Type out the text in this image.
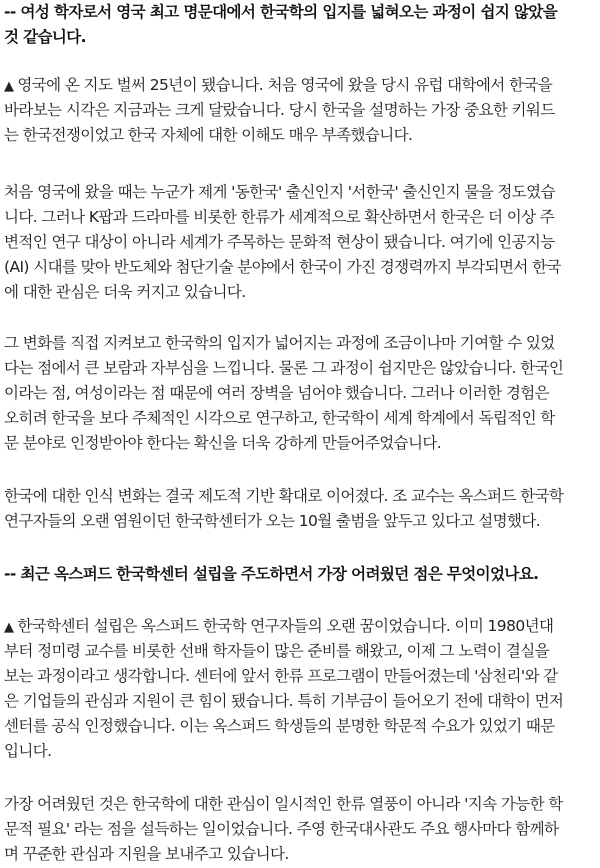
-- 여성 학자로서 영국 최고 명문대에서 한국학의 입지를 넓혀오는 과정이 쉽지 않았을
것 같습니다.
▲ 영국에 온 지도 벌써 25년이 됐습니다. 처음 영국에 왔을 당시 유럽 대학에서 한국을
바라보는 시각은 지금과는 크게 달랐습니다. 당시 한국을 설명하는 가장 중요한 키워드
는 한국전쟁이었고 한국 자체에 대한 이해도 매우 부족했습니다.
처음 영국에 왔을 때는 누군가 제게 '동한국' 출신인지 '서한국' 출신인지 물을 정도였습
니다. 그러나 K팝과 드라마를 비롯한 한류가 세계적으로 확산하면서 한국은 더 이상 주
변적인 연구 대상이 아니라 세계가 주목하는 문화적 현상이 됐습니다. 여기에 인공지능
(AI) 시대를 맞아 반도체와 첨단기술 분야에서 한국이 가진 경쟁력까지 부각되면서 한국
에 대한 관심은 더욱 커지고 있습니다.
그 변화를 직접 지켜보고 한국학의 입지가 넓어지는 과정에 조금이나마 기여할 수 있었
다는 점에서 큰 보람과 자부심을 느낍니다. 물론 그 과정이 쉽지만은 않았습니다. 한국인
이라는 점, 여성이라는 점 때문에 여러 장벽을 넘어야 했습니다. 그러나 이러한 경험은
오히려 한국을 보다 주체적인 시각으로 연구하고, 한국학이 세계 학계에서 독립적인 학
문 분야로 인정받아야 한다는 확신을 더욱 강하게 만들어주었습니다.
한국에 대한 인식 변화는 결국 제도적 기반 확대로 이어졌다. 조 교수는 옥스퍼드 한국학
연구자들의 오랜 염원이던 한국학센터가 오는 10월 출범을 앞두고 있다고 설명했다.
-- 최근 옥스퍼드 한국학센터 설립을 주도하면서 가장 어려웠던 점은 무엇이었나요.
▲ 한국학센터 설립은 옥스퍼드 한국학 연구자들의 오랜 꿈이었습니다. 이미 1980년대
부터 정미령 교수를 비롯한 선배 학자들이 많은 준비를 해왔고, 이제 그 노력이 결실을
보는 과정이라고 생각합니다. 센터에 앞서 한류 프로그램이 만들어졌는데 '삼천리'와 같
은 기업들의 관심과 지원이 큰 힘이 됐습니다. 특히 기부금이 들어오기 전에 대학이 먼저
센터를 공식 인정했습니다. 이는 옥스퍼드 학생들의 분명한 학문적 수요가 있었기 때문
입니다.
가장 어려웠던 것은 한국학에 대한 관심이 일시적인 한류 열풍이 아니라 '지속 가능한 학
문적 필요' 라는 점을 설득하는 일이었습니다. 주영 한국대사관도 주요 행사마다 함께하
며 꾸준한 관심과 지원을 보내주고 있습니다.
